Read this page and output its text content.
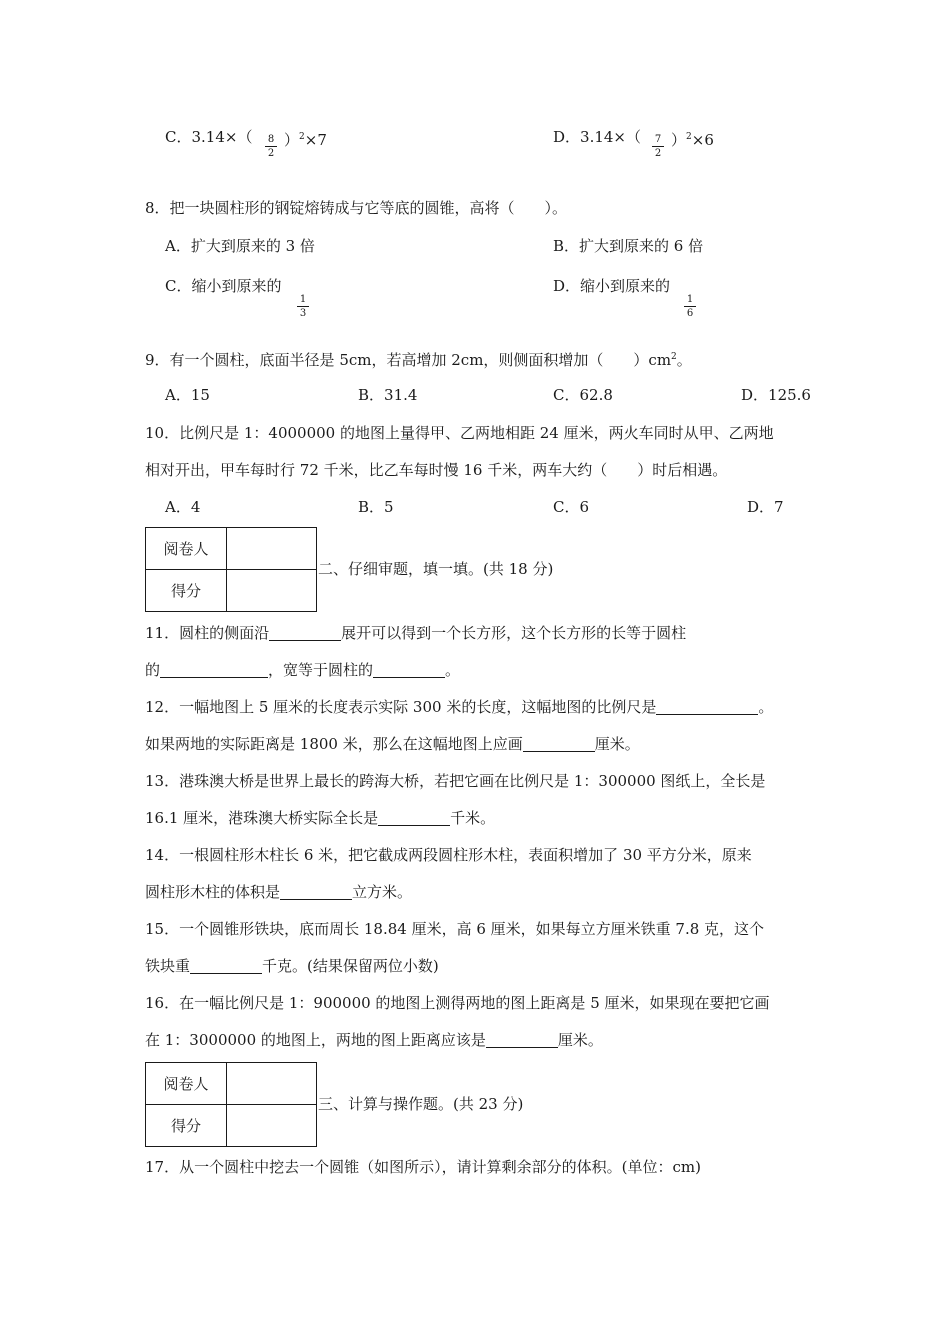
C．3.14×（	8
2
）$^2$×7	D．3.14×（	7
2
）$^2$×6
8．把一块圆柱形的钢锭熔铸成与它等底的圆锥，高将（　　）。
A．扩大到原来的 3 倍	B．扩大到原来的 6 倍
C．缩小到原来的
1
3
D．缩小到原来的
1
6
9．有一个圆柱，底面半径是 5cm，若高增加 2cm，则侧面积增加（　　）$cm^2$。
A．15	B．31.4	C．62.8	D．125.6
10．比例尺是 1：4000000 的地图上量得甲、乙两地相距 24 厘米，两火车同时从甲、乙两地
相对开出，甲车每时行 72 千米，比乙车每时慢 16 千米，两车大约（　　）时后相遇。
A．4	B．5	C．6	D．7
阅卷人	
得分	
二、仔细审题，填一填。(共 18 分)
11．圆柱的侧面沿	展开可以得到一个长方形，这个长方形的长等于圆柱
的	，宽等于圆柱的	。
12．一幅地图上 5 厘米的长度表示实际 300 米的长度，这幅地图的比例尺是	。
如果两地的实际距离是 1800 米，那么在这幅地图上应画	厘米。
13．港珠澳大桥是世界上最长的跨海大桥，若把它画在比例尺是 1：300000 图纸上，全长是
16.1 厘米，港珠澳大桥实际全长是	千米。
14．一根圆柱形木柱长 6 米，把它截成两段圆柱形木柱，表面积增加了 30 平方分米，原来
圆柱形木柱的体积是	立方米。
15．一个圆锥形铁块，底而周长 18.84 厘米，高 6 厘米，如果每立方厘米铁重 7.8 克，这个
铁块重	千克。(结果保留两位小数)
16．在一幅比例尺是 1：900000 的地图上测得两地的图上距离是 5 厘米，如果现在要把它画
在 1：3000000 的地图上，两地的图上距离应该是	厘米。
阅卷人	
得分	
三、计算与操作题。(共 23 分)
17．从一个圆柱中挖去一个圆锥（如图所示），请计算剩余部分的体积。(单位：cm)
